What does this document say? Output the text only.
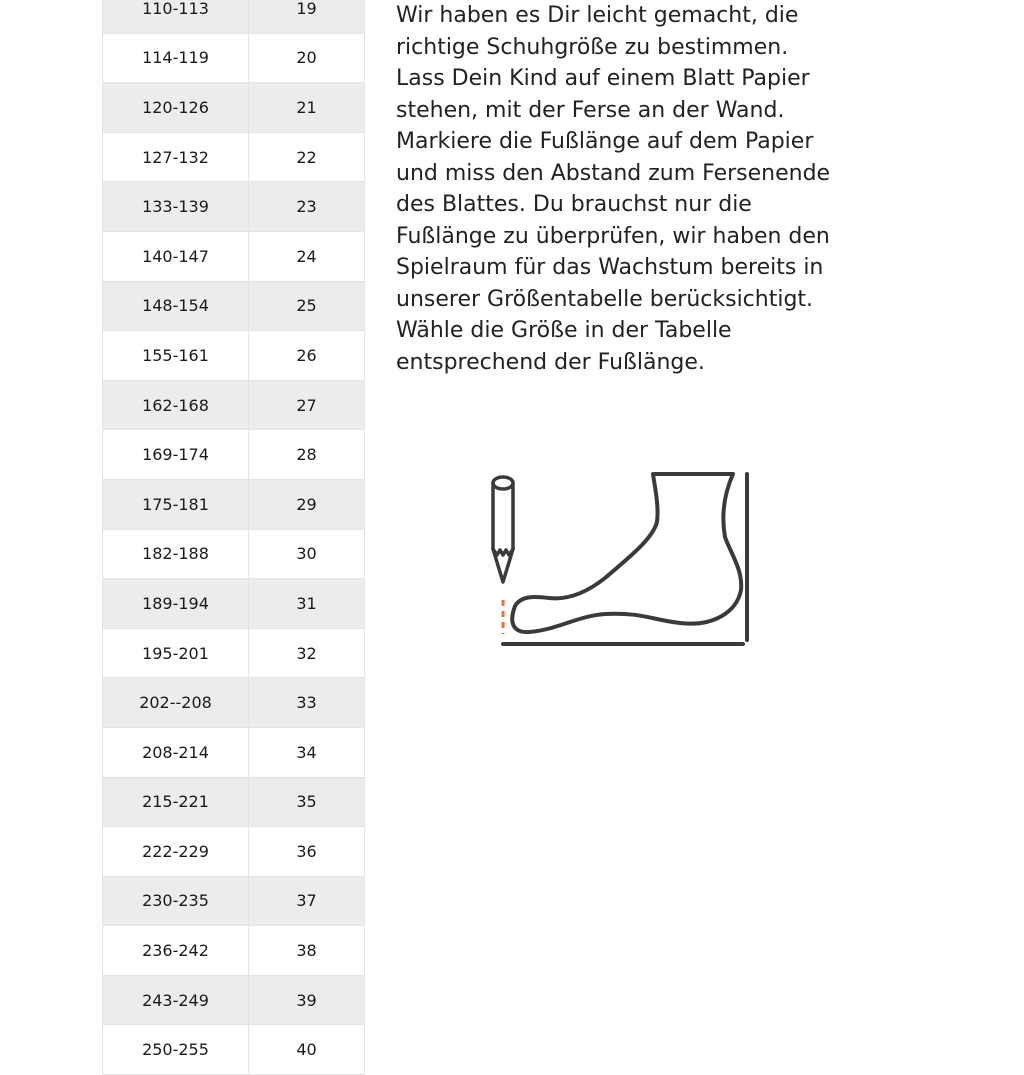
110-113	19
114-119	20
120-126	21
127-132	22
133-139	23
140-147	24
148-154	25
155-161	26
162-168	27
169-174	28
175-181	29
182-188	30
189-194	31
195-201	32
202--208	33
208-214	34
215-221	35
222-229	36
230-235	37
236-242	38
243-249	39
250-255	40

Wir haben es Dir leicht gemacht, die
richtige Schuhgröße zu bestimmen.
Lass Dein Kind auf einem Blatt Papier
stehen, mit der Ferse an der Wand.
Markiere die Fußlänge auf dem Papier
und miss den Abstand zum Fersenende
des Blattes. Du brauchst nur die
Fußlänge zu überprüfen, wir haben den
Spielraum für das Wachstum bereits in
unserer Größentabelle berücksichtigt.
Wähle die Größe in der Tabelle
entsprechend der Fußlänge.
